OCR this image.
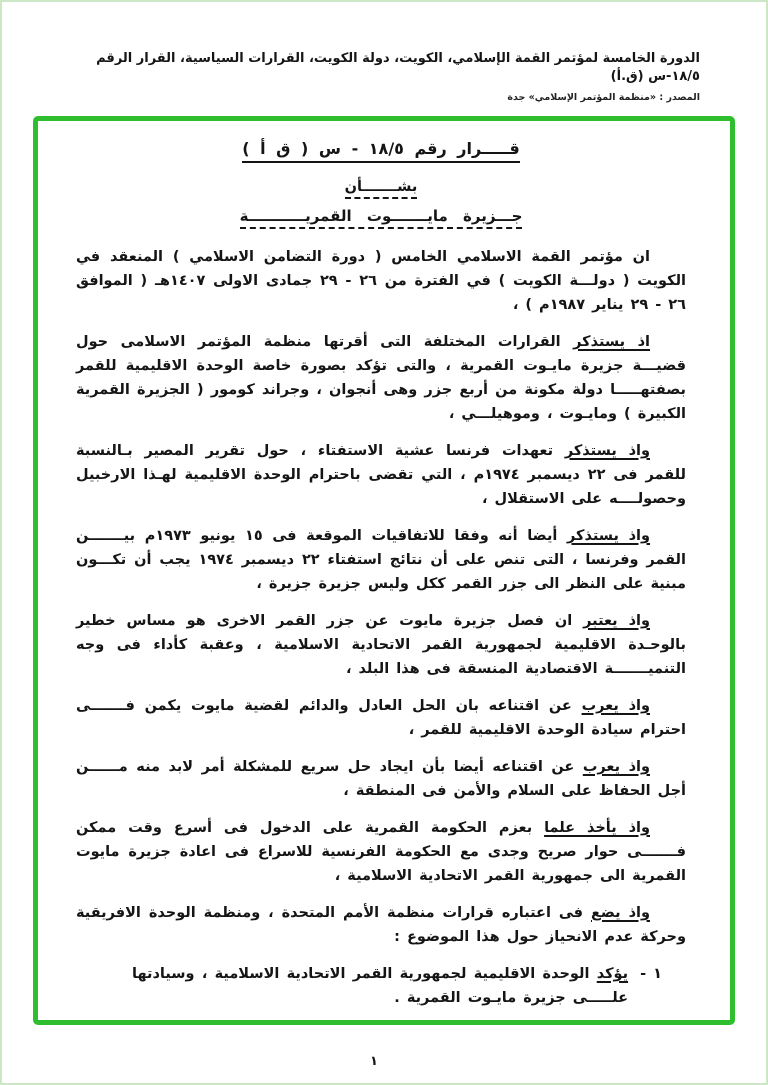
الدورة الخامسة لمؤتمر القمة الإسلامي، الكويت، دولة الكويت، القرارات السياسية، القرار الرقم ١٨/٥-س (ق.أ)
المصدر : «منظمة المؤتمر الإسلامي» جدة
قـــــرار رقم ١٨/٥ - س ( ق أ )
بشـــــــأن
جـــزيرة مايـــــــوت القمريـــــــــــة

ان مؤتمر القمة الاسلامي الخامس ( دورة التضامن الاسلامي ) المنعقد في الكويت ( دولـــة الكويت ) في الفترة من ٢٦ - ٢٩ جمادى الاولى ١٤٠٧هـ ( الموافق ٢٦ - ٢٩ يناير ١٩٨٧م ) ،

اذ يستذكر القرارات المختلفة التى أقرتها منظمة المؤتمر الاسلامى حول قضيـــة جزيرة مايـوت القمرية ، والتى تؤكد بصورة خاصة الوحدة الاقليمية للقمر بصفتهـــــا دولة مكونة من أربع جزر وهى أنجوان ، وجراند كومور ( الجزيرة القمرية الكبيرة ) ومايـوت ، وموهيلـــي ،

واذ يستذكر تعهدات فرنسا عشية الاستفتاء ، حول تقرير المصير بـالنسبة للقمر فى ٢٢ ديسمبر ١٩٧٤م ، التي تقضى باحترام الوحدة الاقليمية لهـذا الارخبيل وحصولــــه على الاستقلال ،

واذ يستذكر أيضا أنه وفقا للاتفاقيات الموقعة فى ١٥ يونيو ١٩٧٣م بيـــــــن القمر وفرنسا ، التى تنص على أن نتائج استفتاء ٢٢ ديسمبر ١٩٧٤ يجب أن تكـــون مبنية على النظر الى جزر القمر ككل وليس جزيرة جزيرة ،

واذ يعتبر ان فصل جزيرة مايوت عن جزر القمر الاخرى هو مساس خطير بالوحـدة الاقليمية لجمهورية القمر الاتحادية الاسلامية ، وعقبة كأداء فى وجه التنميـــــــة الاقتصادية المنسقة فى هذا البلد ،

واذ يعرب عن اقتناعه بان الحل العادل والدائم لقضية مايوت يكمن فـــــــى احترام سيادة الوحدة الاقليمية للقمر ،

واذ يعرب عن اقتناعه أيضا بأن ايجاد حل سريع للمشكلة أمر لابد منه مــــــن أجل الحفاظ على السلام والأمن فى المنطقة ،

واذ يأخذ علما بعزم الحكومة القمرية على الدخول فى أسرع وقت ممكن فـــــــى حوار صريح وجدى مع الحكومة الفرنسية للاسراع فى اعادة جزيرة مايوت القمرية الى جمهورية القمر الاتحادية الاسلامية ،

واذ يضع فى اعتباره قرارات منظمة الأمم المتحدة ، ومنظمة الوحدة الافريقية وحركة عدم الانحياز حول هذا الموضوع :

١ -
يؤكد الوحدة الاقليمية لجمهورية القمر الاتحادية الاسلامية ، وسيادتها علـــــى جزيرة مايـوت القمرية .
١
